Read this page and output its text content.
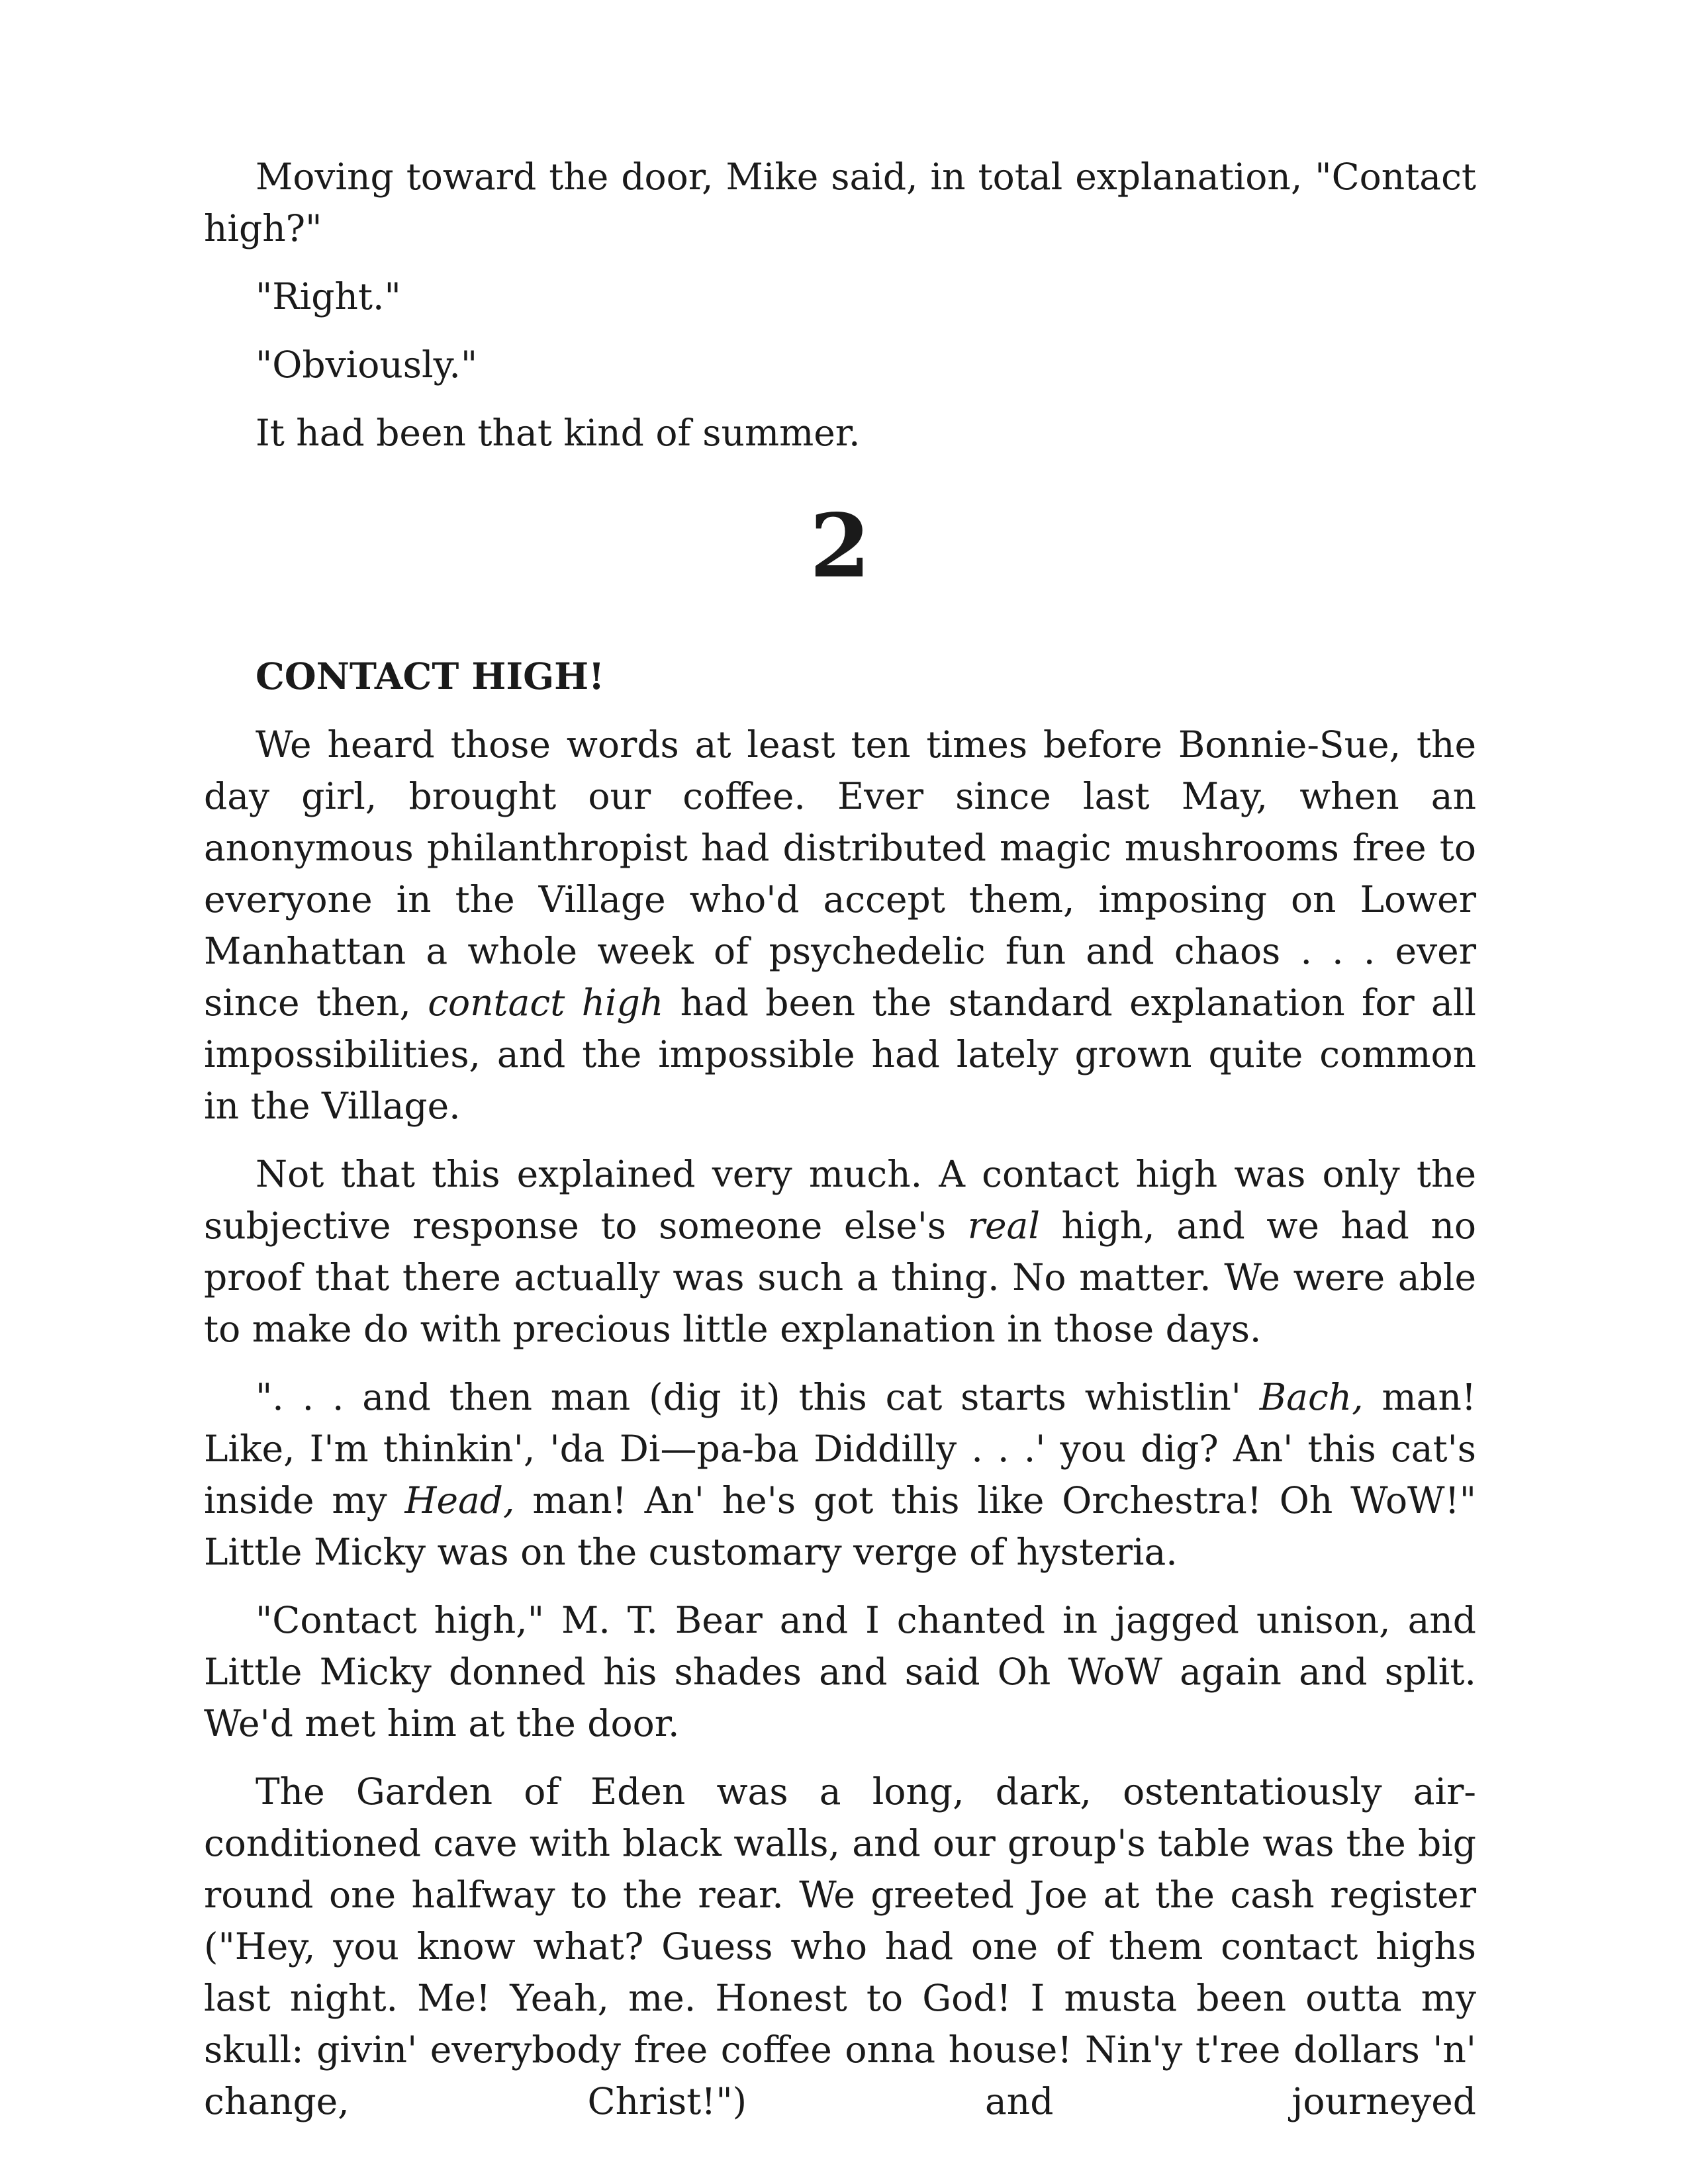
Moving toward the door, Mike said, in total explanation, "Contact high?"

"Right."

"Obviously."

It had been that kind of summer.

2
CONTACT HIGH!

We heard those words at least ten times before Bonnie-Sue, the day girl, brought our coffee. Ever since last May, when an anonymous philanthropist had distributed magic mushrooms free to everyone in the Village who'd accept them, imposing on Lower Manhattan a whole week of psychedelic fun and chaos . . . ever since then, contact high had been the standard explanation for all impossibilities, and the impossible had lately grown quite common in the Village.

Not that this explained very much. A contact high was only the subjective response to someone else's real high, and we had no proof that there actually was such a thing. No matter. We were able to make do with precious little explanation in those days.

". . . and then man (dig it) this cat starts whistlin' Bach, man! Like, I'm thinkin', 'da Di—pa-ba Diddilly . . .' you dig? An' this cat's inside my Head, man! An' he's got this like Orchestra! Oh WoW!" Little Micky was on the customary verge of hysteria.

"Contact high," M. T. Bear and I chanted in jagged unison, and Little Micky donned his shades and said Oh WoW again and split. We'd met him at the door.

The Garden of Eden was a long, dark, ostentatiously air-conditioned cave with black walls, and our group's table was the big round one halfway to the rear. We greeted Joe at the cash register ("Hey, you know what? Guess who had one of them contact highs last night. Me! Yeah, me. Honest to God! I musta been outta my skull: givin' everybody free coffee onna house! Nin'y t'ree dollars 'n' change, Christ!") and journeyed
